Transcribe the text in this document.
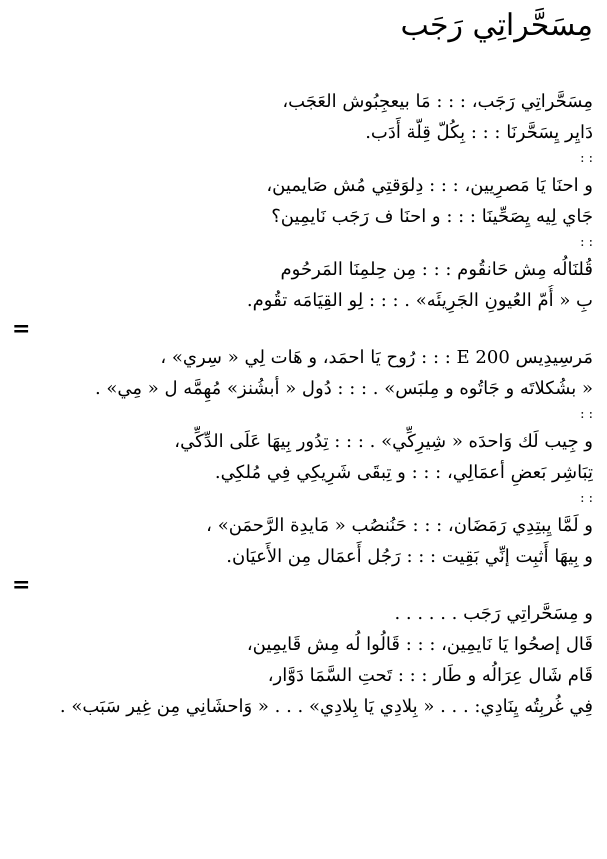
مِسَحَّراتِي رَجَب
مِسَحَّراتِي رَجَب، : : : مَا بيعجِبُوش العَجَب،
دَايِر يِسَحَّرنَا : : : بِكُلّ قِلّة أَدَب.
: :
و احنَا يَا مَصرِيين، : : : دِلوَقتِي مُش صَايمين،
جَاي لِيه يِصَحِّينَا : : : و احنَا ف رَجَب نَايمِين؟
: :
قُلنَالُه مِش حَانقُوم : : : مِن حِلمِنَا المَرحُوم
بِ « أُمّ العُيونِ الجَرِيئَه» . : : : لِو القِيَامَه تقُوم.
=
مَرسِيدِيس 200 E : : : رُوح يَا احمَد، و هَات لِي « سِري» ،
« بشُكلاتَه و جَاتُوه و مِلبَس» . : : : دُول « أبشُنز» مُهِمَّه ل « مِي» .
: :
و جِيب لَك وَاحدَه « شِيرِكِّي» . : : : تِدُور بِيهَا عَلَى الدِّكِّي،
تِبَاشِر بَعضِ أعمَالِي، : : : و تِبقَى شَرِيكِي فِي مُلكِي.
: :
و لَمَّا يِبتِدِي رَمَضَان، : : : حَنُنصُب « مَايدِة الرَّحمَن» ،
و بِيهَا أَثبِت إنِّي بَقِيت : : : رَجُل أَعمَال مِن الأَعيَان.
=
و مِسَحَّراتِي رَجَب . . . . . .
قَال إصحُوا يَا نَايمِين، : : : قَالُوا لُه مِش قَايمِين،
قَام شَال عِرَالُه و طَار : : : تَحتِ السَّمَا دَوَّار،
فِي غُربِتُه يِنَادِي: . . . « بِلادِي يَا بِلادِي» . . . « وَاحشَانِي مِن غِير سَبَب» .
